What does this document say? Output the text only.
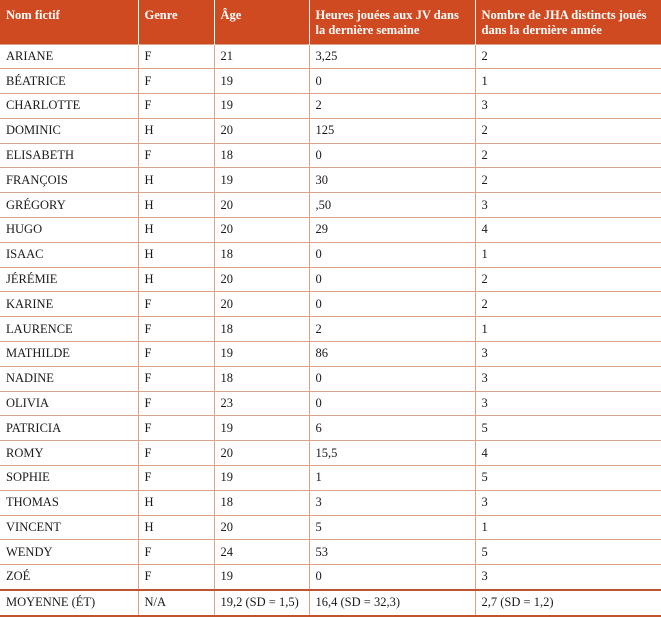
Nom fictif	Genre	Âge	Heures jouées aux JV dans la dernière semaine	Nombre de JHA distincts joués dans la dernière année
ARIANE	F	21	3,25	2
BÉATRICE	F	19	0	1
CHARLOTTE	F	19	2	3
DOMINIC	H	20	125	2
ELISABETH	F	18	0	2
FRANÇOIS	H	19	30	2
GRÉGORY	H	20	,50	3
HUGO	H	20	29	4
ISAAC	H	18	0	1
JÉRÉMIE	H	20	0	2
KARINE	F	20	0	2
LAURENCE	F	18	2	1
MATHILDE	F	19	86	3
NADINE	F	18	0	3
OLIVIA	F	23	0	3
PATRICIA	F	19	6	5
ROMY	F	20	15,5	4
SOPHIE	F	19	1	5
THOMAS	H	18	3	3
VINCENT	H	20	5	1
WENDY	F	24	53	5
ZOÉ	F	19	0	3
MOYENNE (ÉT)	N/A	19,2 (SD = 1,5)	16,4 (SD = 32,3)	2,7 (SD = 1,2)
